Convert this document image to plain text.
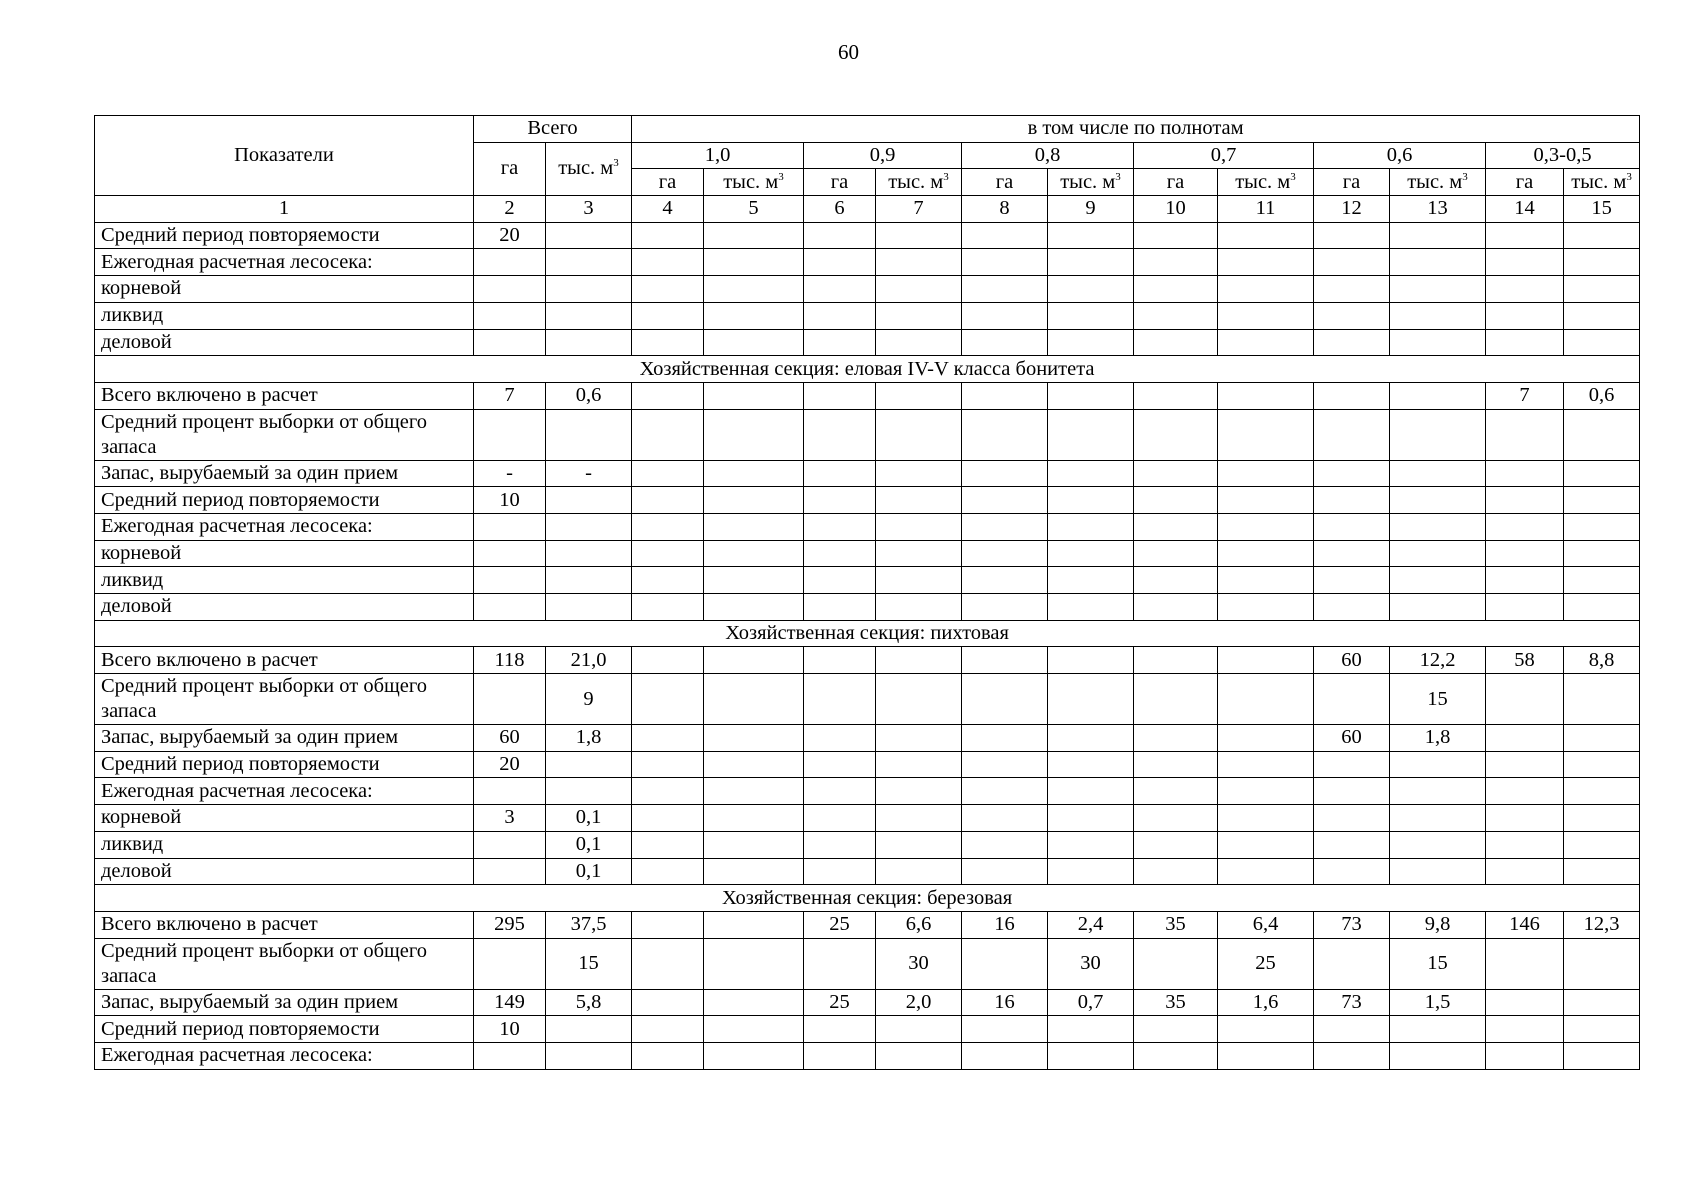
60
Показатели	Всего		в том числе по полнотам											
	га	тыс. $м^3$	1,0		0,9		0,8		0,7		0,6		0,3-0,5	
			га	тыс. $м^3$	га	тыс. $м^3$	га	тыс. $м^3$	га	тыс. $м^3$	га	тыс. $м^3$	га	тыс. $м^3$
1	2	3	4	5	6	7	8	9	10	11	12	13	14	15
Средний период повторяемости	20													
Ежегодная расчетная лесосека:														
корневой														
ликвид														
деловой														
Хозяйственная секция: еловая IV-V класса бонитета														
Всего включено в расчет	7	0,6											7	0,6
Средний процент выборки от общего запаса														
Запас, вырубаемый за один прием	-	-												
Средний период повторяемости	10													
Ежегодная расчетная лесосека:														
корневой														
ликвид														
деловой														
Хозяйственная секция: пихтовая														
Всего включено в расчет	118	21,0									60	12,2	58	8,8
Средний процент выборки от общего запаса		9										15		
Запас, вырубаемый за один прием	60	1,8									60	1,8		
Средний период повторяемости	20													
Ежегодная расчетная лесосека:														
корневой	3	0,1												
ликвид		0,1												
деловой		0,1												
Хозяйственная секция: березовая														
Всего включено в расчет	295	37,5			25	6,6	16	2,4	35	6,4	73	9,8	146	12,3
Средний процент выборки от общего запаса		15				30		30		25		15		
Запас, вырубаемый за один прием	149	5,8			25	2,0	16	0,7	35	1,6	73	1,5		
Средний период повторяемости	10													
Ежегодная расчетная лесосека:														
